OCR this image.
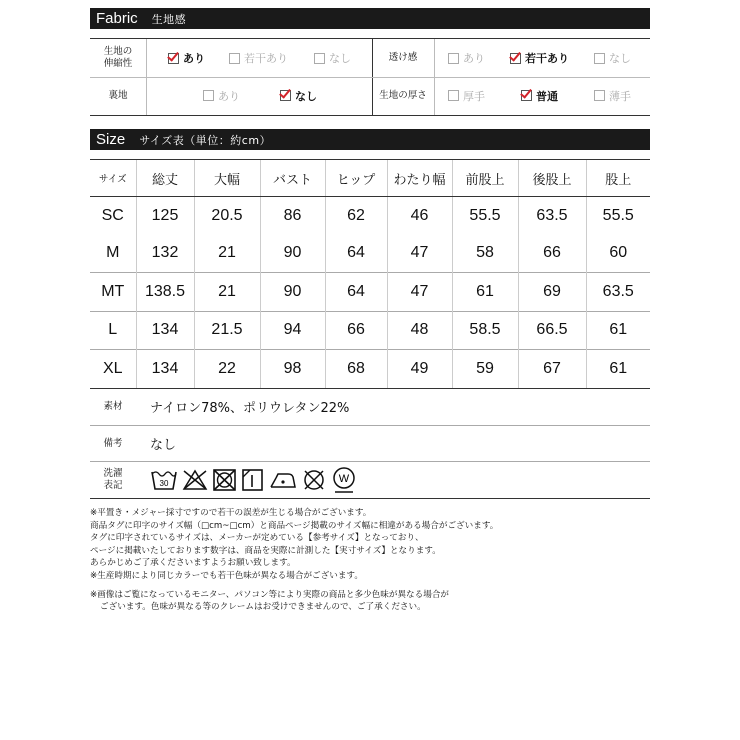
Fabric 生地感
生地の
伸縮性	あり	若干あり	なし	透け感	あり	若干あり	なし
裏地	あり	なし	生地の厚さ	厚手	普通	薄手
Size サイズ表（単位：約cm）
サイズ	総丈	大幅	バスト	ヒップ	わたり幅	前股上	後股上	股上
SC	125	20.5	86	62	46	55.5	63.5	55.5
M	132	21	90	64	47	58	66	60
MT	138.5	21	90	64	47	61	69	63.5
L	134	21.5	94	66	48	58.5	66.5	61
XL	134	22	98	68	49	59	67	61
素材	ナイロン78%、ポリウレタン22%
備考	なし
洗濯
表記	30	W

※平置き・メジャー採寸ですので若干の誤差が生じる場合がございます。

商品タグに印字のサイズ幅（□cm~□cm）と商品ページ掲載のサイズ幅に相違がある場合がございます。

タグに印字されているサイズは、メーカーが定めている【参考サイズ】となっており、

ページに掲載いたしております数字は、商品を実際に計測した【実寸サイズ】となります。

あらかじめご了承くださいますようお願い致します。

※生産時期により同じカラーでも若干色味が異なる場合がございます。

※画像はご覧になっているモニター、パソコン等により実際の商品と多少色味が異なる場合が

ございます。色味が異なる等のクレームはお受けできませんので、ご了承ください。
